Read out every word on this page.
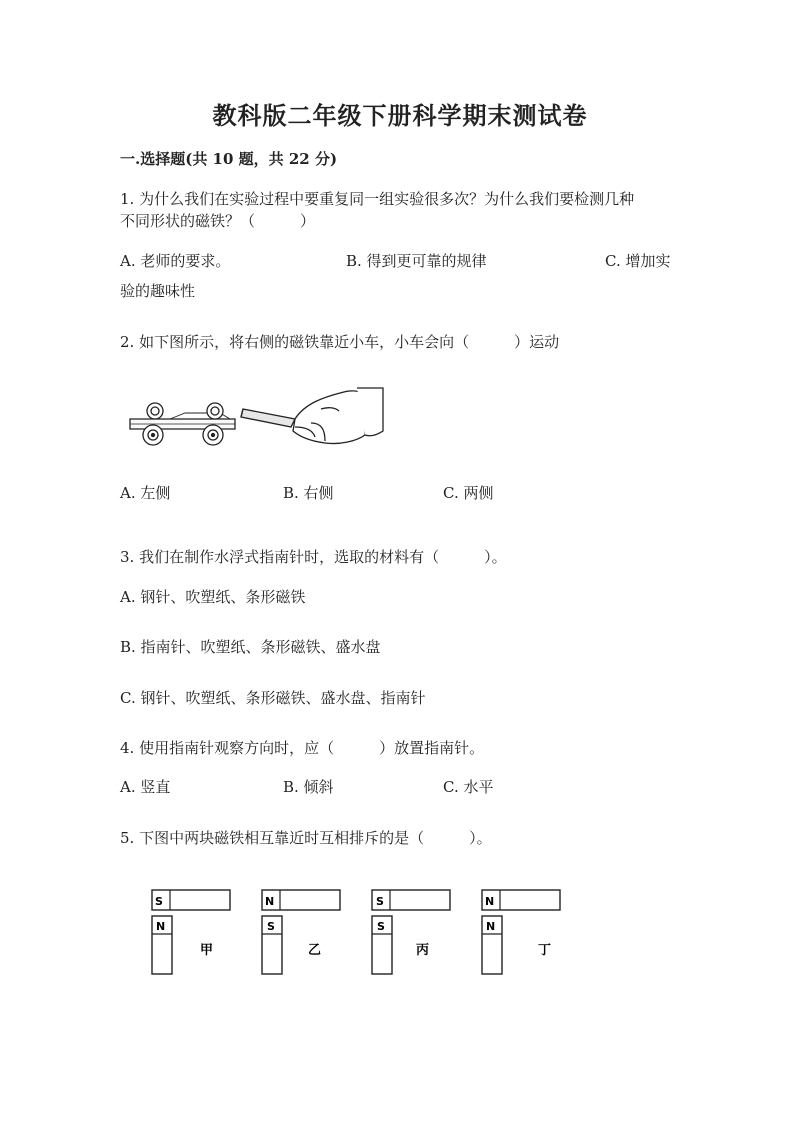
教科版二年级下册科学期末测试卷
一.选择题(共 10 题，共 22 分)
1. 为什么我们在实验过程中要重复同一组实验很多次？为什么我们要检测几种
不同形状的磁铁？（　　　）
A. 老师的要求。	B. 得到更可靠的规律	C. 增加实
验的趣味性
2. 如下图所示，将右侧的磁铁靠近小车，小车会向（　　　）运动
A. 左侧	B. 右侧	C. 两侧
3. 我们在制作水浮式指南针时，选取的材料有（　　　）。
A. 钢针、吹塑纸、条形磁铁
B. 指南针、吹塑纸、条形磁铁、盛水盘
C. 钢针、吹塑纸、条形磁铁、盛水盘、指南针
4. 使用指南针观察方向时，应（　　　）放置指南针。
A. 竖直	B. 倾斜	C. 水平
5. 下图中两块磁铁相互靠近时互相排斥的是（　　　）。
S
N
甲
N
S
乙
S
S
丙
N
N
丁
